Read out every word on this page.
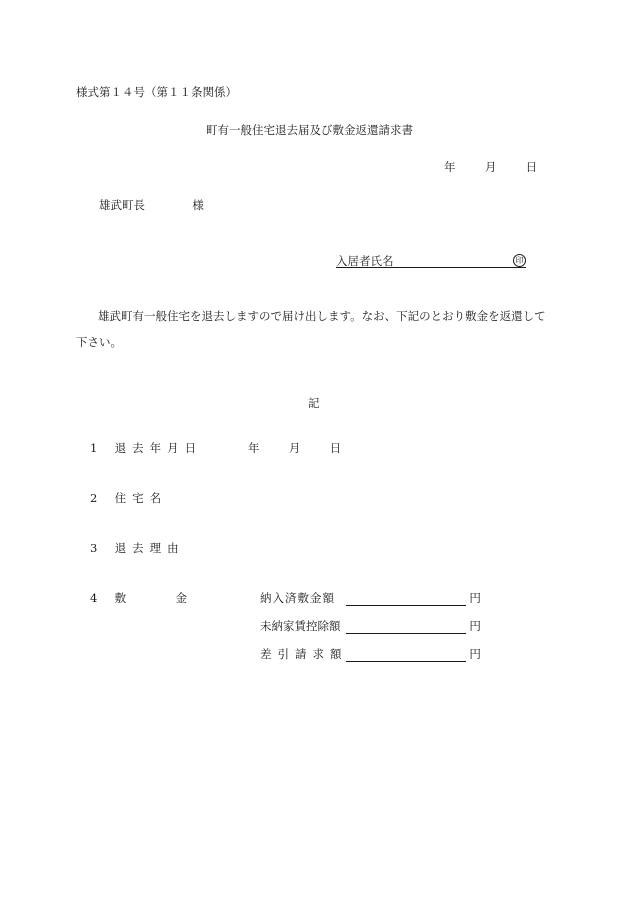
様式第１４号（第１１条関係）
町有一般住宅退去届及び敷金返還請求書
年	月	日
雄武町長	様
入居者氏名	印
雄武町有一般住宅を退去しますので届け出します。なお、下記のとおり敷金を返還して下さい。
記
1 退去年月日	年	月	日
2 住宅名
3 退去理由
4 敷	金	納入済敷金額	円
未納家賃控除額	円
差引請求額	円
